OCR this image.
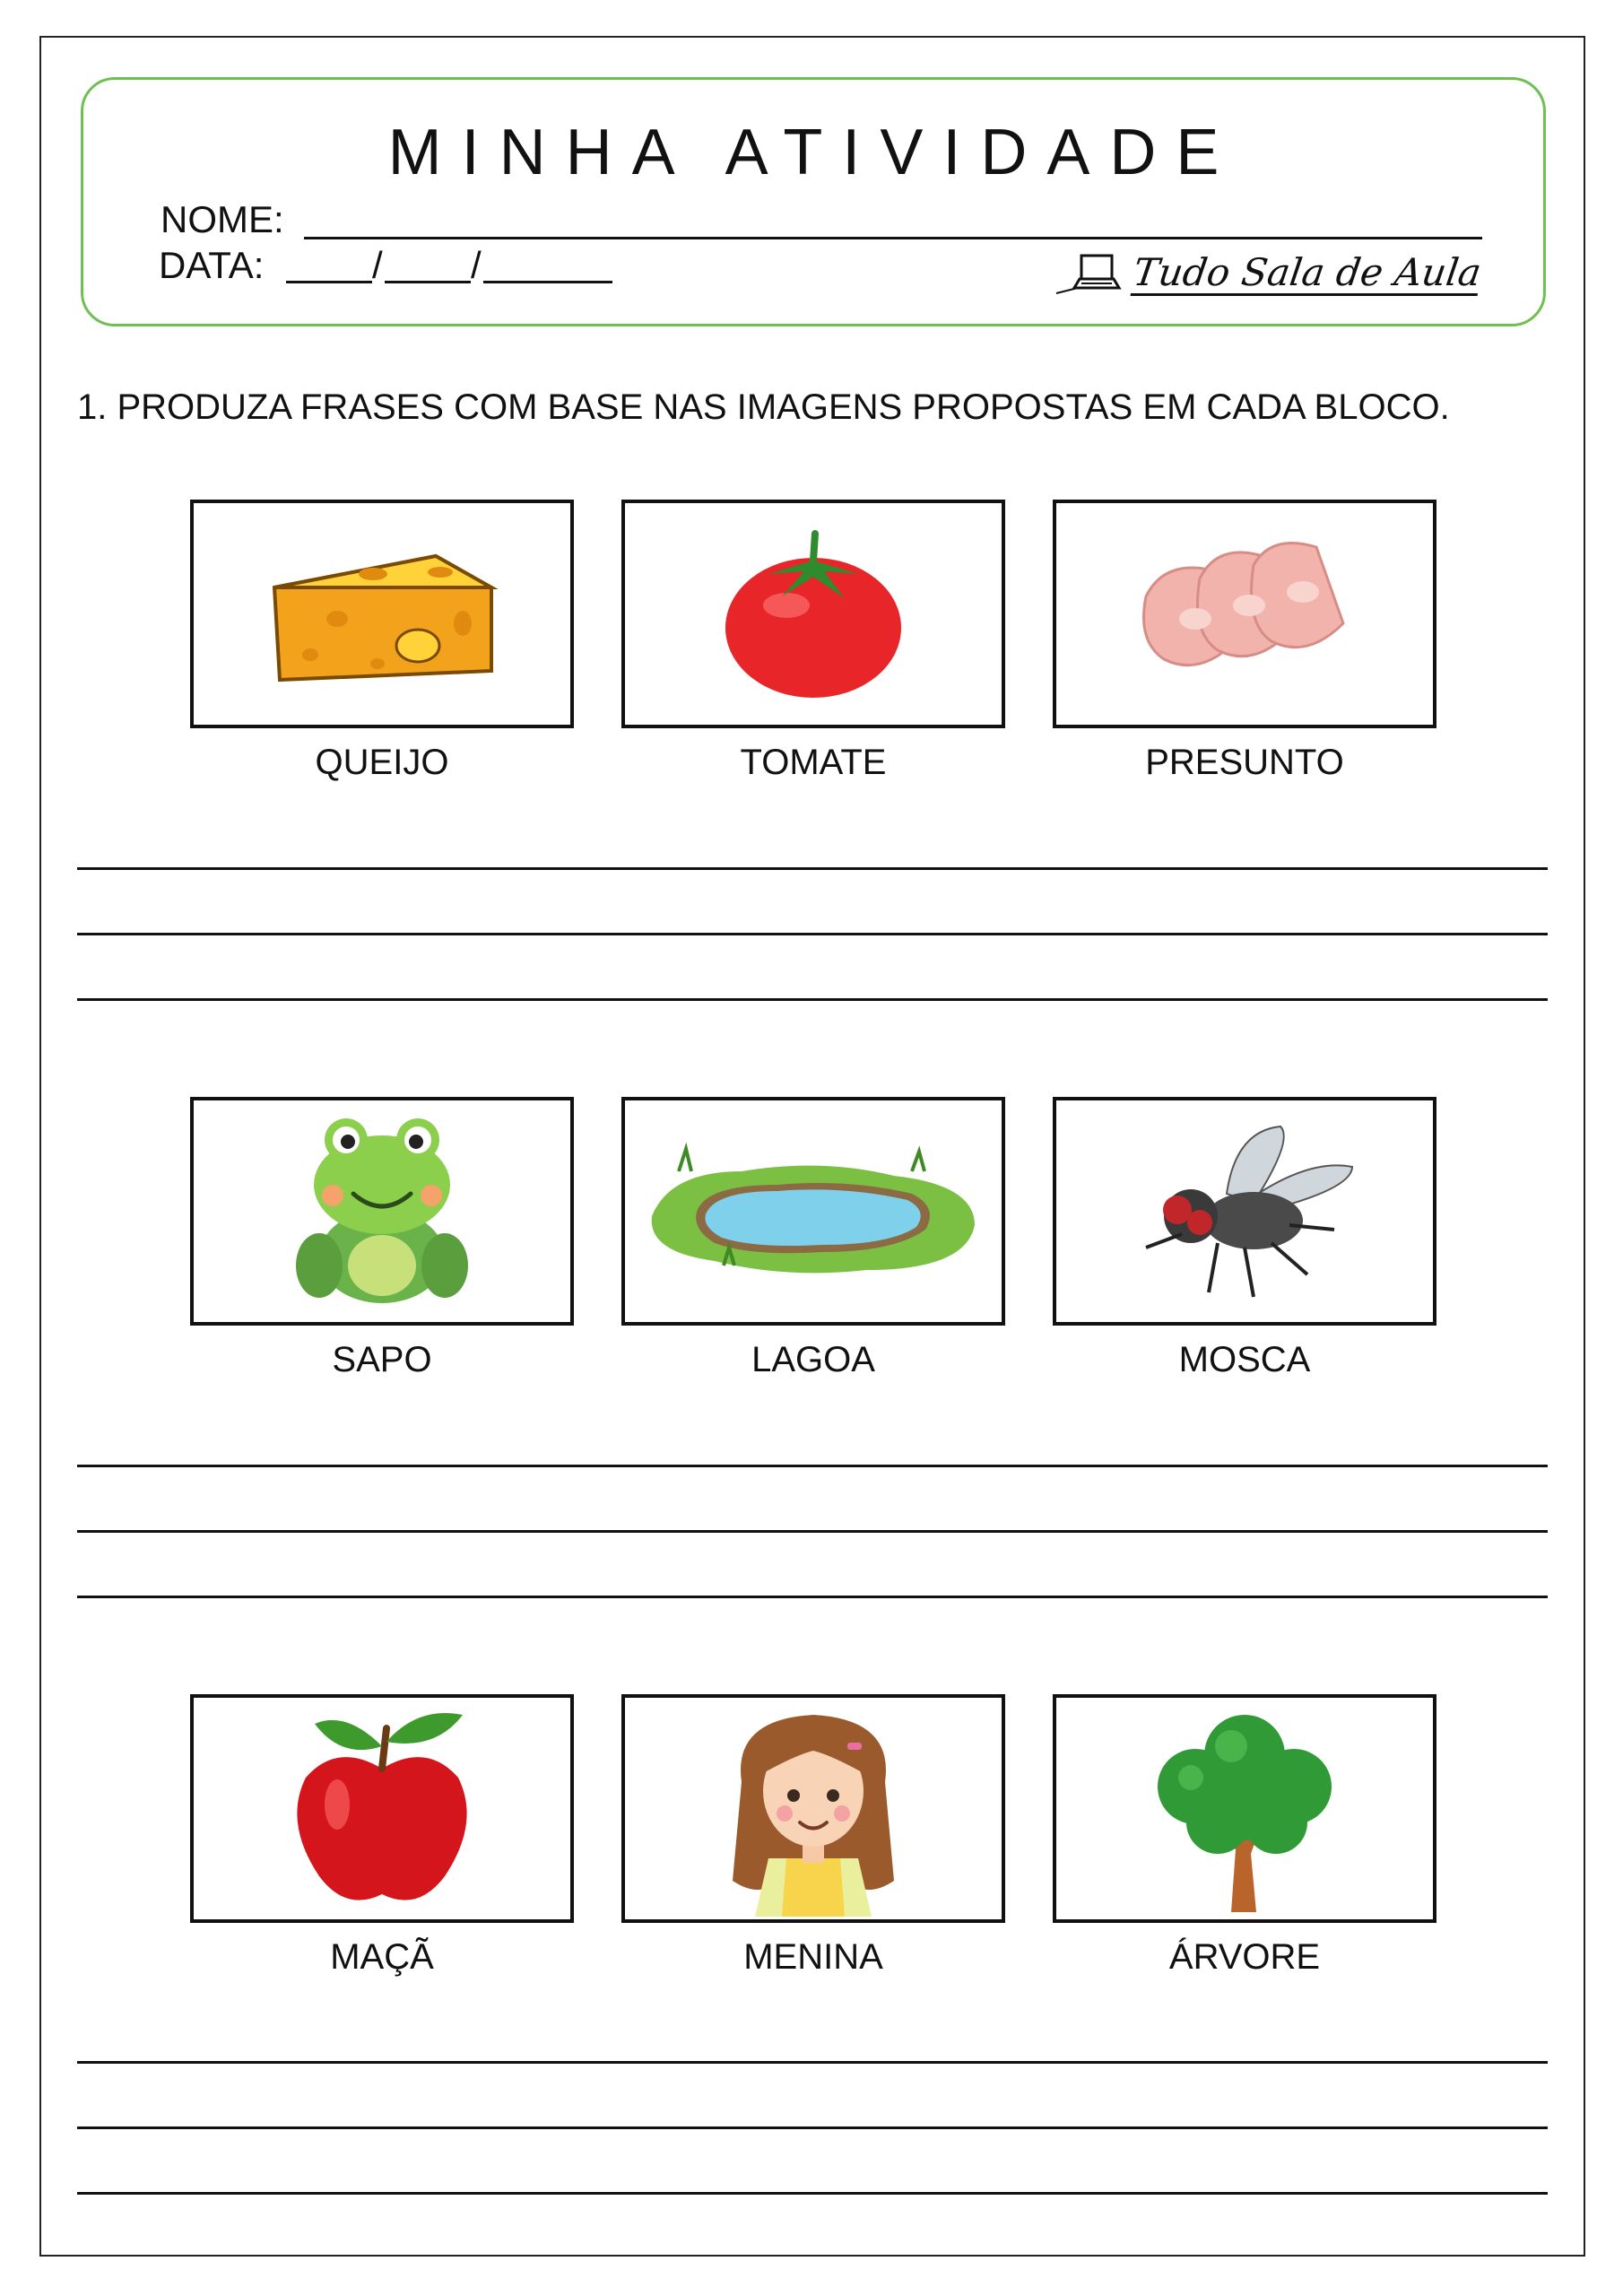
MINHA ATIVIDADE
NOME:
DATA:	/ /	Tudo Sala de Aula
1. PRODUZA FRASES COM BASE NAS IMAGENS PROPOSTAS EM CADA BLOCO.
QUEIJO	TOMATE	PRESUNTO
SAPO	LAGOA	MOSCA
MAÇÃ	MENINA	ÁRVORE
